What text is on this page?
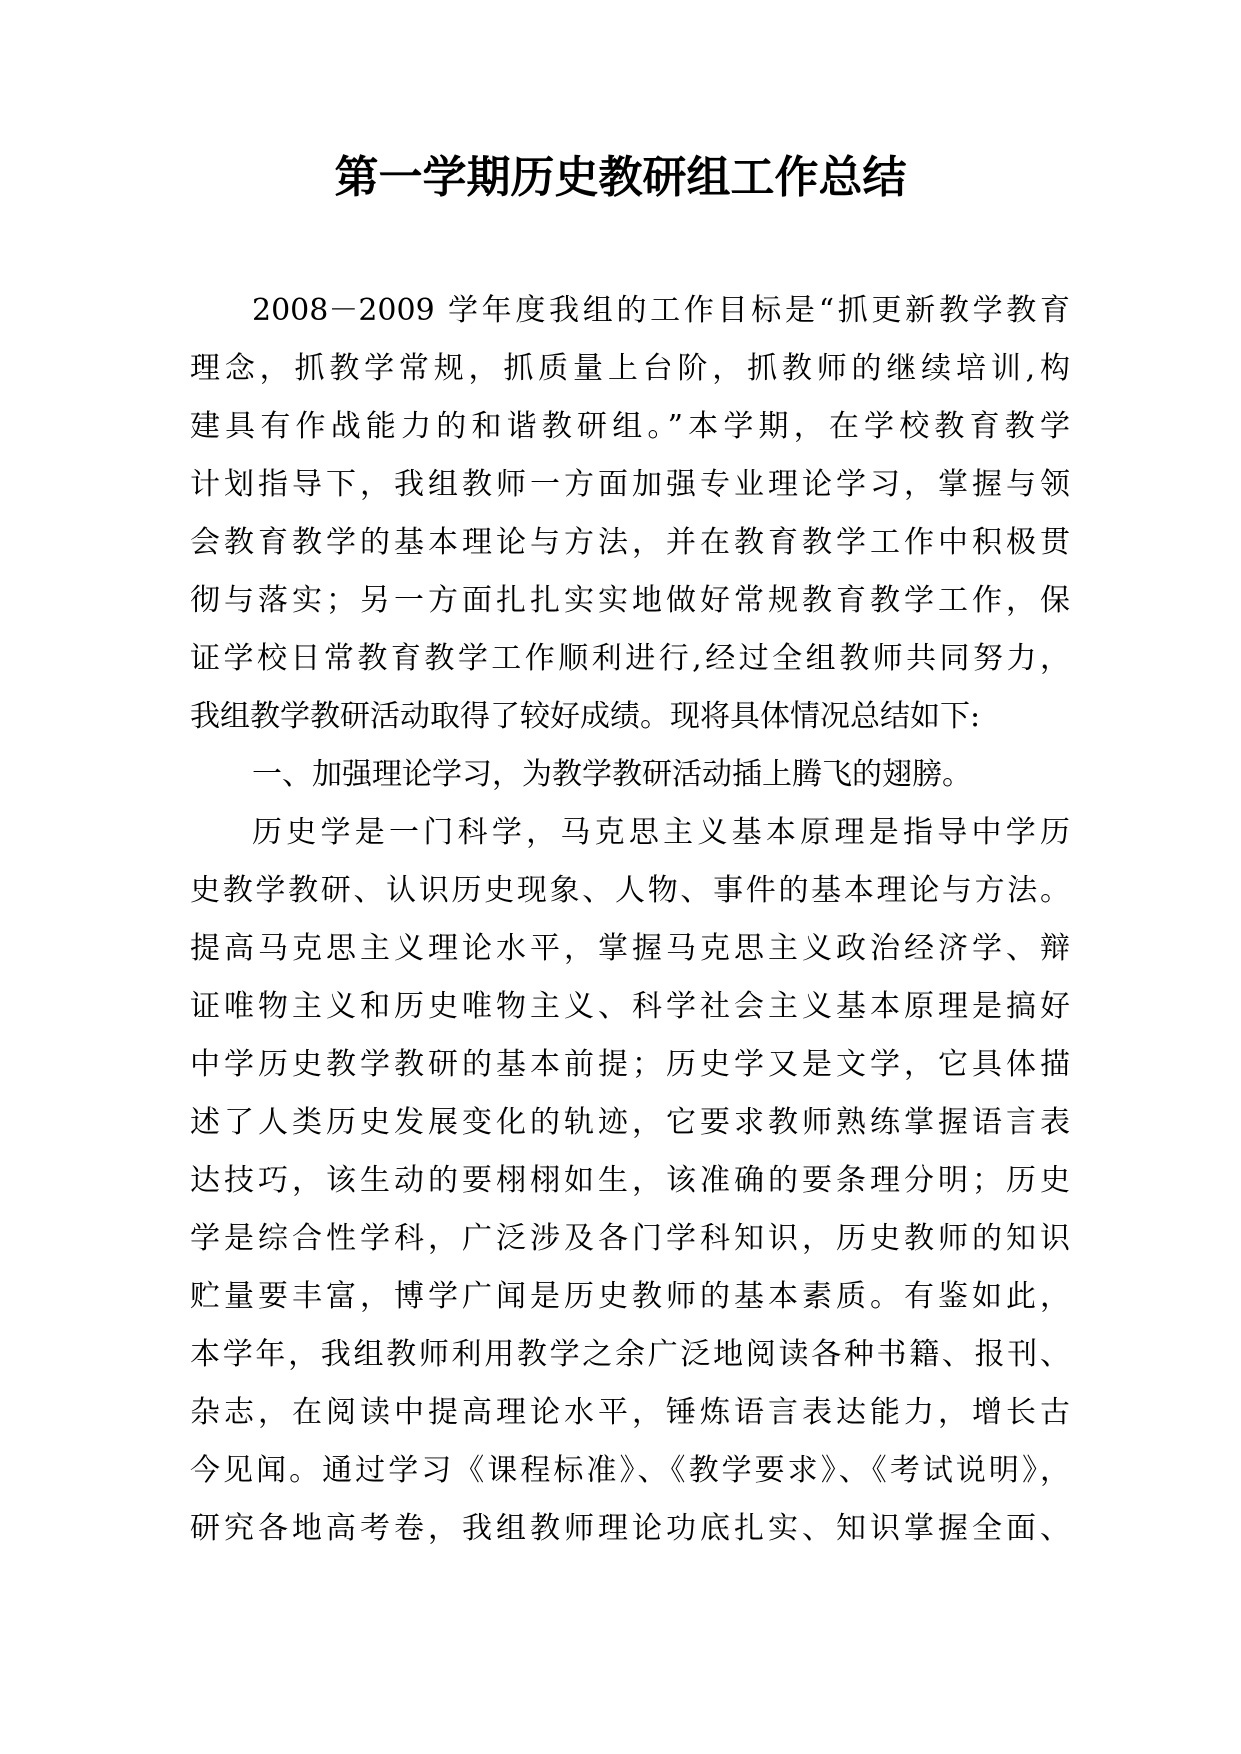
第一学期历史教研组工作总结
2008－2009 学年度我组的工作目标是“抓更新教学教育
理念，抓教学常规，抓质量上台阶，抓教师的继续培训,构
建具有作战能力的和谐教研组。”本学期，在学校教育教学
计划指导下，我组教师一方面加强专业理论学习，掌握与领
会教育教学的基本理论与方法，并在教育教学工作中积极贯
彻与落实；另一方面扎扎实实地做好常规教育教学工作，保
证学校日常教育教学工作顺利进行,经过全组教师共同努力，
我组教学教研活动取得了较好成绩。现将具体情况总结如下:
一、加强理论学习，为教学教研活动插上腾飞的翅膀。
历史学是一门科学，马克思主义基本原理是指导中学历
史教学教研、认识历史现象、人物、事件的基本理论与方法。
提高马克思主义理论水平，掌握马克思主义政治经济学、辩
证唯物主义和历史唯物主义、科学社会主义基本原理是搞好
中学历史教学教研的基本前提；历史学又是文学，它具体描
述了人类历史发展变化的轨迹，它要求教师熟练掌握语言表
达技巧，该生动的要栩栩如生，该准确的要条理分明；历史
学是综合性学科，广泛涉及各门学科知识，历史教师的知识
贮量要丰富，博学广闻是历史教师的基本素质。有鉴如此，
本学年，我组教师利用教学之余广泛地阅读各种书籍、报刊、
杂志，在阅读中提高理论水平，锤炼语言表达能力，增长古
今见闻。通过学习《课程标准》、《教学要求》、《考试说明》，
研究各地高考卷，我组教师理论功底扎实、知识掌握全面、
